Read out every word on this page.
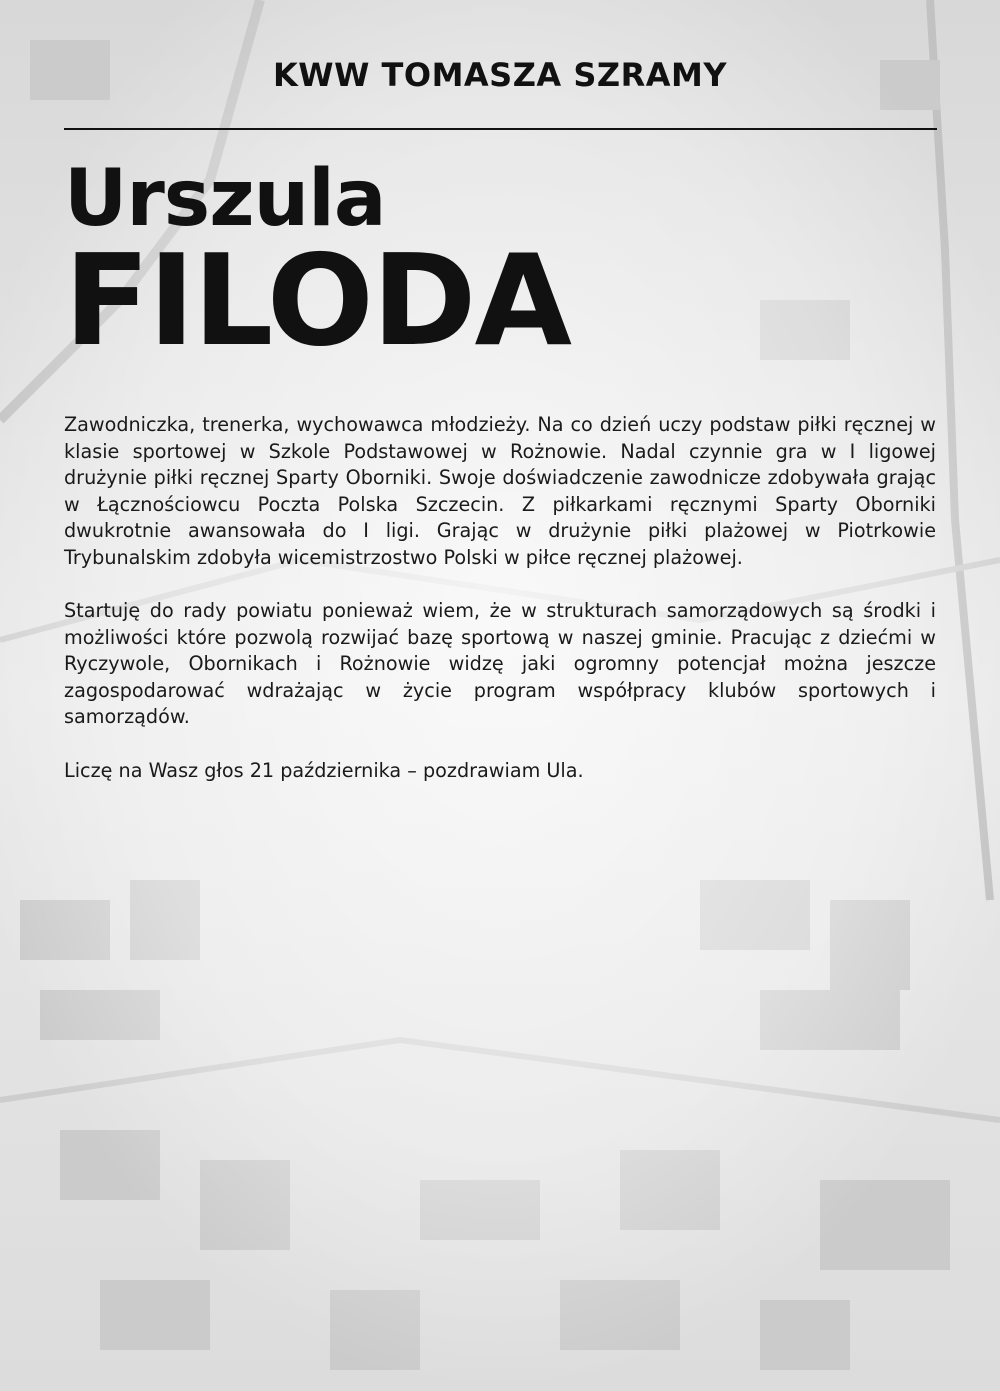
KWW TOMASZA SZRAMY
Urszula
FILODA

Zawodniczka, trenerka, wychowawca młodzieży. Na co dzień uczy podstaw piłki ręcznej w klasie sportowej w Szkole Podstawowej w Rożnowie. Nadal czynnie gra w I ligowej drużynie piłki ręcznej Sparty Oborniki. Swoje doświadczenie zawodnicze zdobywała grając w Łącznościowcu Poczta Polska Szczecin. Z piłkarkami ręcznymi Sparty Oborniki dwukrotnie awansowała do I ligi. Grając w drużynie piłki plażowej w Piotrkowie Trybunalskim zdobyła wicemistrzostwo Polski w piłce ręcznej plażowej.

Startuję do rady powiatu ponieważ wiem, że w strukturach samorządowych są środki i możliwości które pozwolą rozwijać bazę sportową w naszej gminie. Pracując z dziećmi w Ryczywole, Obornikach i Rożnowie widzę jaki ogromny potencjał można jeszcze zagospodarować wdrażając w życie program współpracy klubów sportowych i samorządów.

Liczę na Wasz głos 21 października – pozdrawiam Ula.
